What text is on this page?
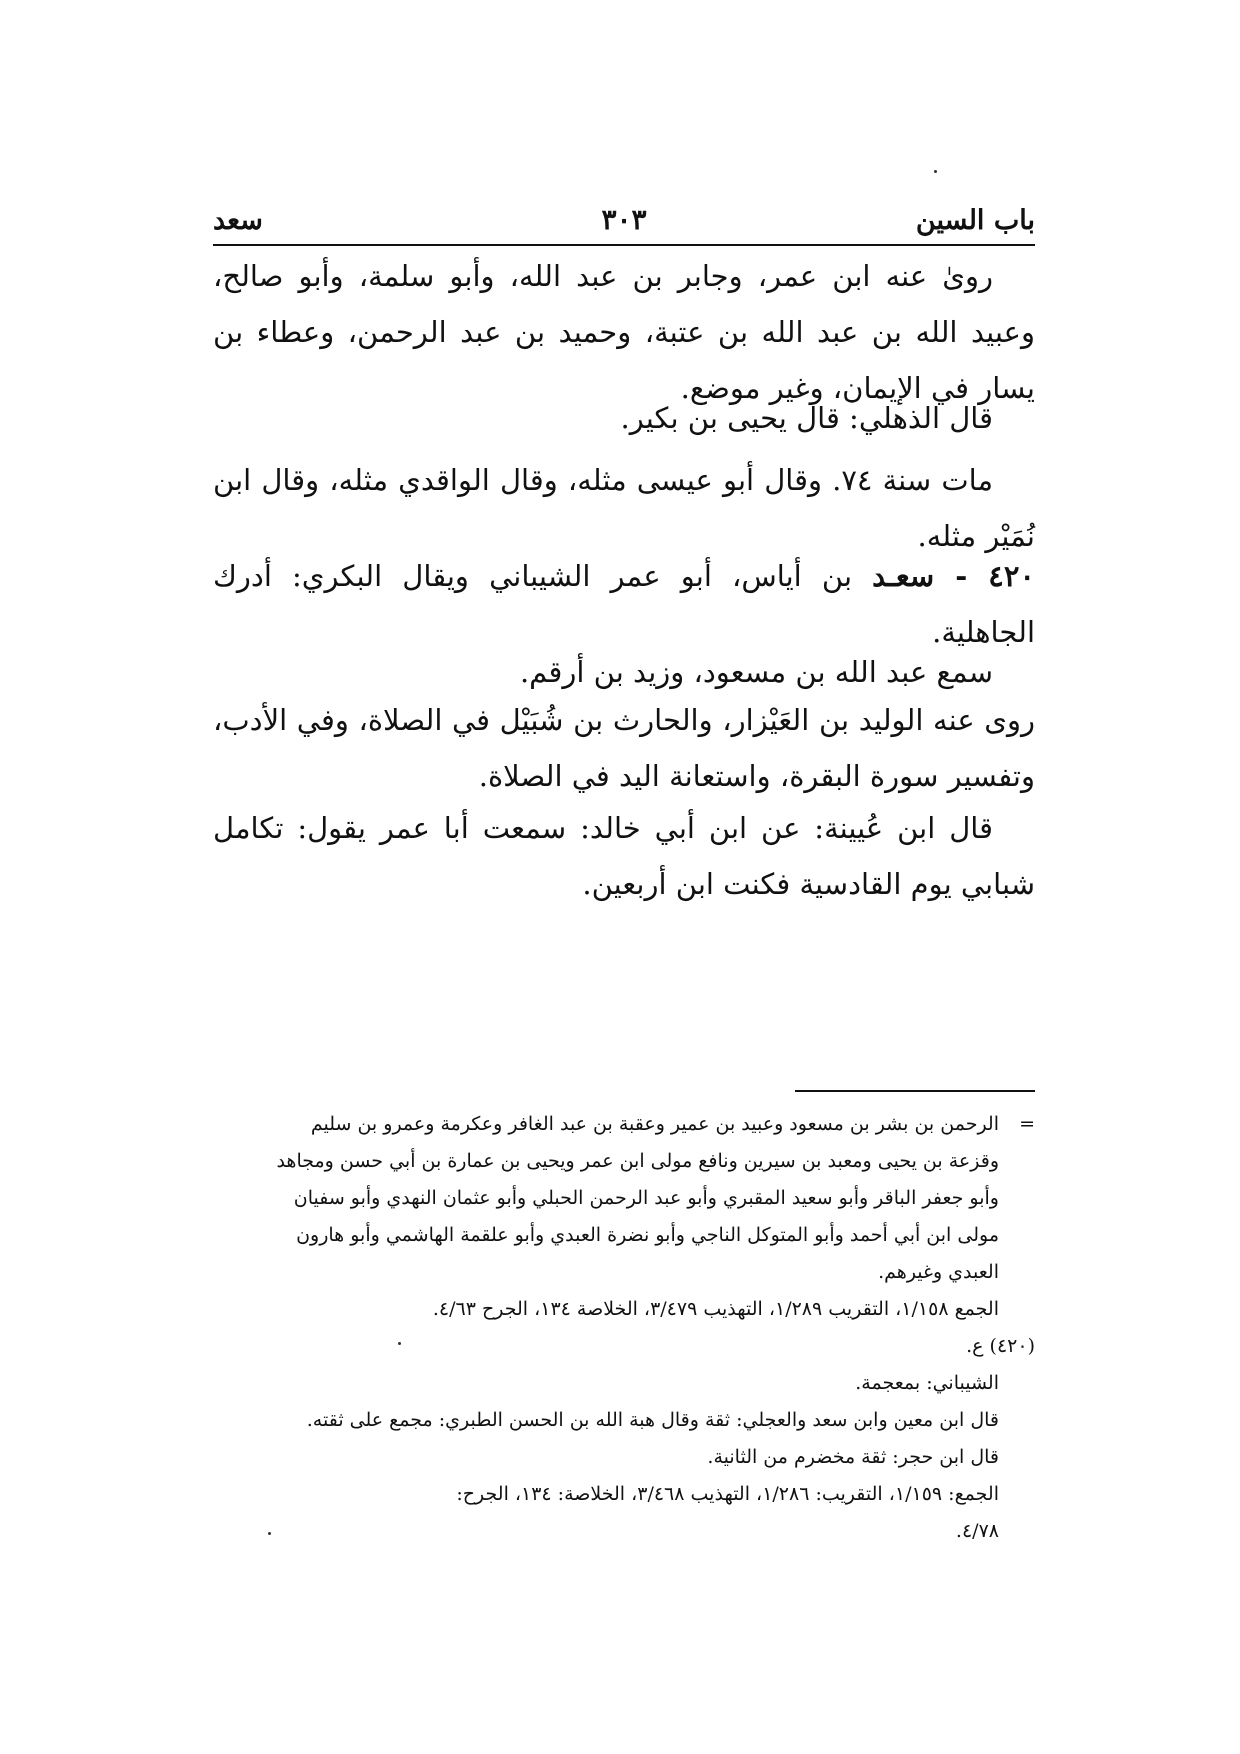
باب السين
٣٠٣
سعد
رویٰ عنه ابن عمر، وجابر بن عبد الله، وأبو سلمة، وأبو صالح، وعبيد الله بن عبد الله بن عتبة، وحميد بن عبد الرحمن، وعطاء بن يسار في الإيمان، وغير موضع.
قال الذهلي: قال يحيى بن بكير.
مات سنة ٧٤. وقال أبو عيسى مثله، وقال الواقدي مثله، وقال ابن نُمَيْر مثله.
٤٢٠ - سعـد بن أياس، أبو عمر الشيباني ويقال البكري: أدرك الجاهلية.
سمع عبد الله بن مسعود، وزيد بن أرقم.
روى عنه الوليد بن العَيْزار، والحارث بن شُبَيْل في الصلاة، وفي الأدب، وتفسير سورة البقرة، واستعانة اليد في الصلاة.
قال ابن عُيينة: عن ابن أبي خالد: سمعت أبا عمر يقول: تكامل شبابي يوم القادسية فكنت ابن أربعين.
=
الرحمن بن بشر بن مسعود وعبيد بن عمير وعقبة بن عبد الغافر وعكرمة وعمرو بن سليم
وقزعة بن يحيى ومعبد بن سيرين ونافع مولى ابن عمر ويحيى بن عمارة بن أبي حسن ومجاهد
وأبو جعفر الباقر وأبو سعيد المقبري وأبو عبد الرحمن الحبلي وأبو عثمان النهدي وأبو سفيان
مولى ابن أبي أحمد وأبو المتوكل الناجي وأبو نضرة العبدي وأبو علقمة الهاشمي وأبو هارون
العبدي وغيرهم.
الجمع ١/١٥٨، التقريب ١/٢٨٩، التهذيب ٣/٤٧٩، الخلاصة ١٣٤، الجرح ٤/٦٣.
(٤٢٠) ع.
الشيباني: بمعجمة.
قال ابن معين وابن سعد والعجلي: ثقة وقال هبة الله بن الحسن الطبري: مجمع على ثقته.
قال ابن حجر: ثقة مخضرم من الثانية.
الجمع: ١/١٥٩، التقريب: ١/٢٨٦، التهذيب ٣/٤٦٨، الخلاصة: ١٣٤، الجرح:
٤/٧٨.
